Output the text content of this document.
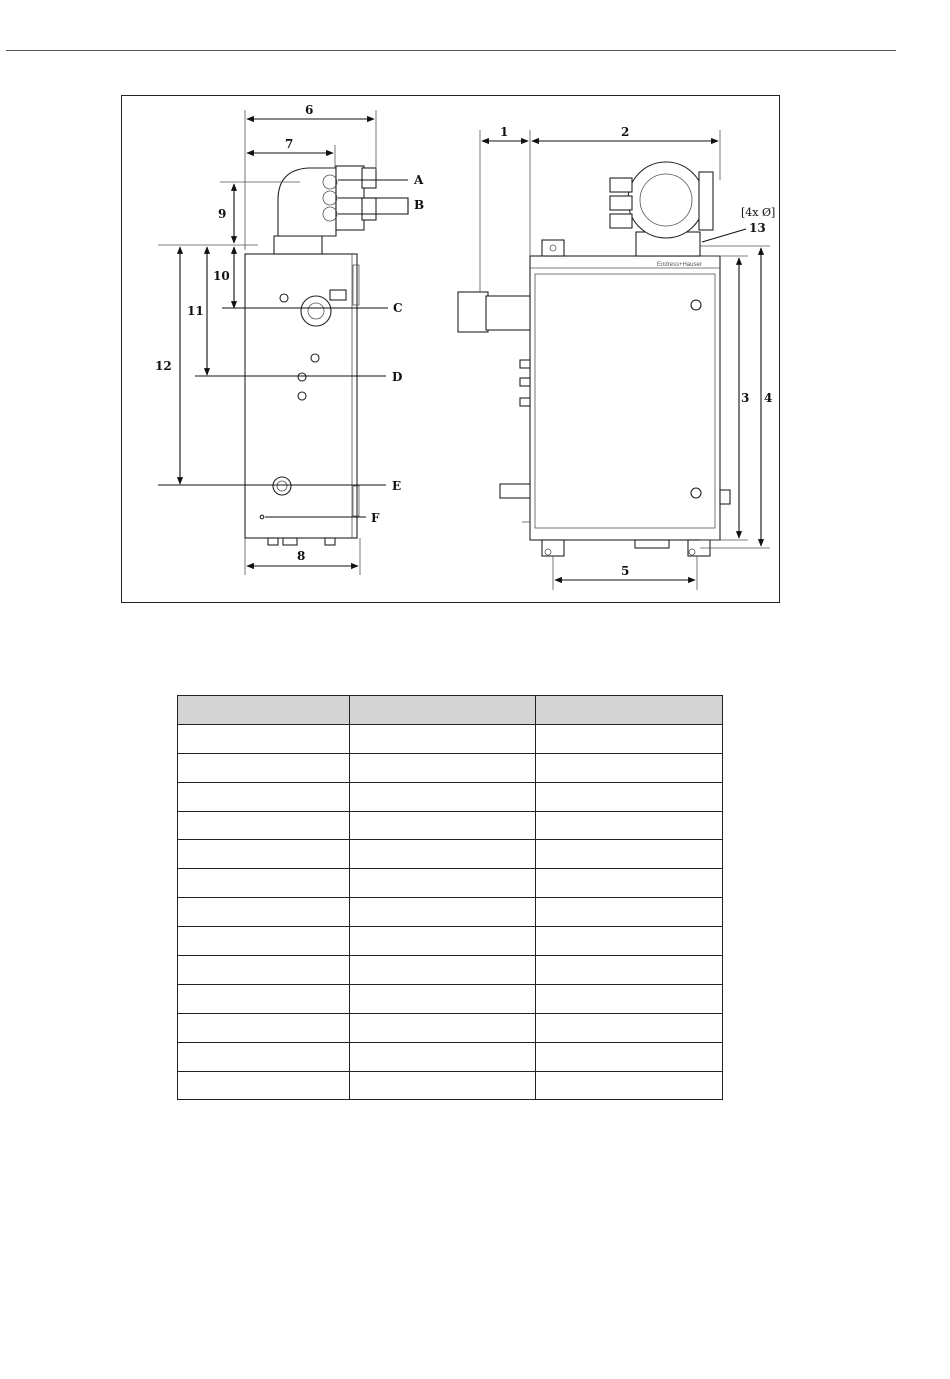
6
7
9
10
11
12
8
A
B
C
D
E
F
Endress+Hauser
1	2
3 4
5
13
[4x Ø]
